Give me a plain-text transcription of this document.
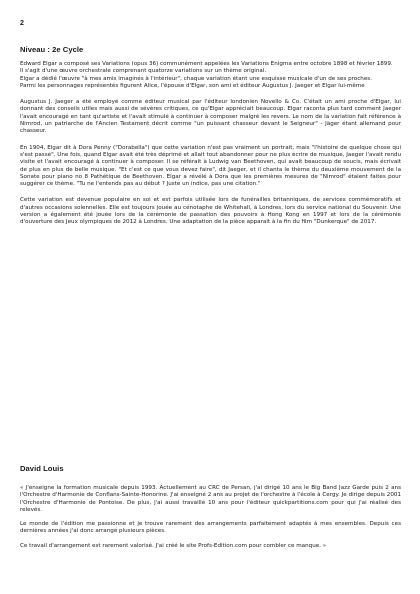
2
Niveau : 2e Cycle

Edward Elgar a composé ses Variations (opus 36) communément appelées les Variations Enigma entre octobre 1898 et février 1899.

Il s'agit d'une œuvre orchestrale comprenant quatorze variations sur un thème original.

Elgar a dédié l'œuvre "à mes amis imaginés à l'intérieur", chaque variation étant une esquisse musicale d'un de ses proches.

Parmi les personnages représentés figurent Alice, l'épouse d'Elgar, son ami et éditeur Augustus J. Jaeger et Elgar lui-même

Augustus J. Jaeger a été employé comme éditeur musical par l'éditeur londonien Novello & Co. C'était un ami proche d'Elgar, lui donnant des conseils utiles mais aussi de sévères critiques, ce qu'Elgar appréciait beaucoup. Elgar raconta plus tard comment Jaeger l'avait encouragé en tant qu'artiste et l'avait stimulé à continuer à composer malgré les revers. Le nom de la variation fait référence à Nimrod, un patriarche de l'Ancien Testament décrit comme "un puissant chasseur devant le Seigneur" - Jäger étant allemand pour chasseur.

En 1904, Elgar dit à Dora Penny ("Dorabella") que cette variation n'est pas vraiment un portrait, mais "l'histoire de quelque chose qui s'est passé". Une fois, quand Elgar avait été très déprimé et allait tout abandonner pour ne plus écrire de musique, Jaeger l'avait rendu visite et l'avait encouragé à continuer à composer. Il se référait à Ludwig van Beethoven, qui avait beaucoup de soucis, mais écrivait de plus en plus de belle musique. "Et c'est ce que vous devez faire", dit Jaeger, et il chanta le thème du deuxième mouvement de la Sonate pour piano no 8 Pathétique de Beethoven. Elgar a révélé à Dora que les premières mesures de "Nimrod" étaient faites pour suggérer ce thème. "Tu ne l'entends pas au début ? Juste un indice, pas une citation."

Cette variation est devenue populaire en soi et est parfois utilisée lors de funérailles britanniques, de services commémoratifs et d'autres occasions solennelles. Elle est toujours jouée au cénotaphe de Whitehall, à Londres, lors du service national du Souvenir. Une version a également été jouée lors de la cérémonie de passation des pouvoirs à Hong Kong en 1997 et lors de la cérémonie d'ouverture des Jeux olympiques de 2012 à Londres. Une adaptation de la pièce apparait à la fin du film "Dunkerque" de 2017.

David Louis

« J'enseigne la formation musicale depuis 1993. Actuellement au CRC de Persan, j'ai dirigé 10 ans le Big Band Jazz Garde puis 2 ans l'Orchestre d'Harmonie de Conflans-Sainte-Honorine. J'ai enseigné 2 ans au projet de l'orchestre à l'école à Cergy. Je dirige depuis 2001 l'Orchestre d'Harmonie de Pontoise. De plus, j'ai aussi travaillé 10 ans pour l'éditeur quickpartitions.com pour qui j'ai réalisé des relevés.

Le monde de l'édition me passionne et je trouve rarement des arrangements parfaitement adaptés à mes ensembles. Depuis ces dernières années j'ai donc arrangé plusieurs pièces.

Ce travail d'arrangement est rarement valorisé. J'ai créé le site Profs-Edition.com pour combler ce manque. »
